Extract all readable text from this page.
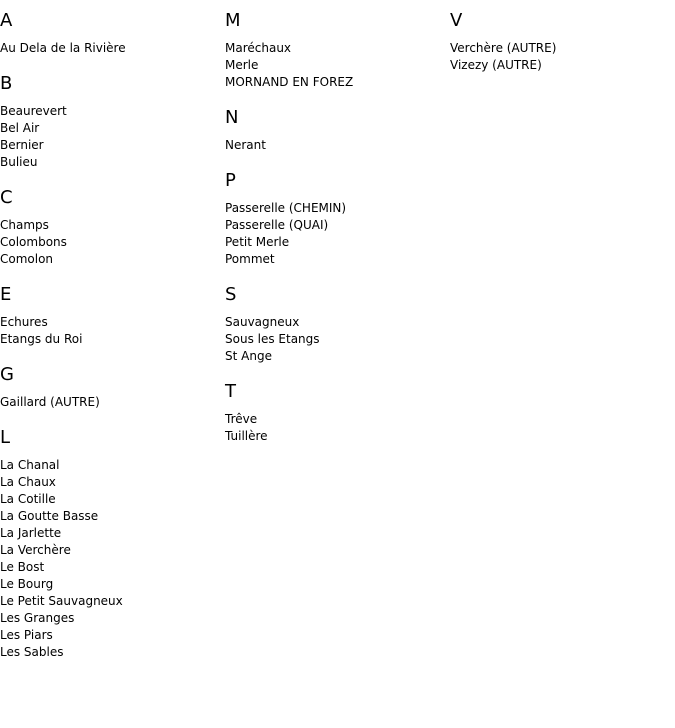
A
Au Dela de la Rivière
B
Beaurevert
Bel Air
Bernier
Bulieu
C
Champs
Colombons
Comolon
E
Echures
Etangs du Roi
G
Gaillard (AUTRE)
L
La Chanal
La Chaux
La Cotille
La Goutte Basse
La Jarlette
La Verchère
Le Bost
Le Bourg
Le Petit Sauvagneux
Les Granges
Les Piars
Les Sables
M
Maréchaux
Merle
MORNAND EN FOREZ
N
Nerant
P
Passerelle (CHEMIN)
Passerelle (QUAI)
Petit Merle
Pommet
S
Sauvagneux
Sous les Etangs
St Ange
T
Trêve
Tuillère
V
Verchère (AUTRE)
Vizezy (AUTRE)
